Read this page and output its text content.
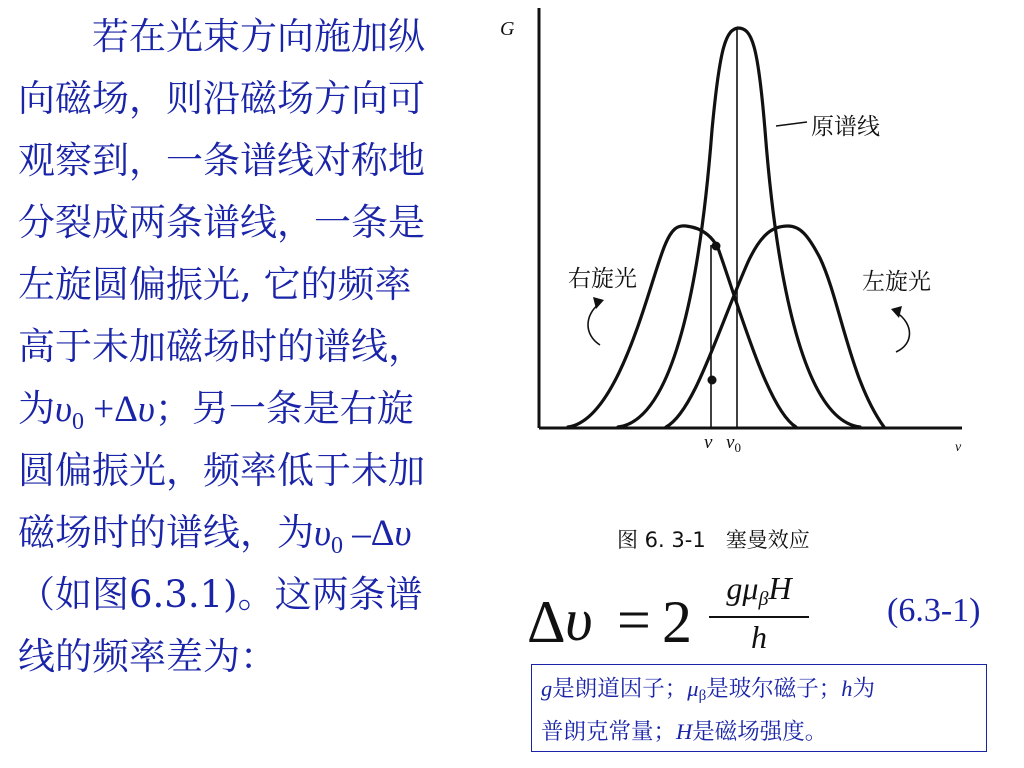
若在光束方向施加纵
向磁场，则沿磁场方向可
观察到，一条谱线对称地
分裂成两条谱线，一条是
左旋圆偏振光, 它的频率
高于未加磁场时的谱线，
为$\upsilon_0 +\Delta\upsilon$；另一条是右旋
圆偏振光，频率低于未加
磁场时的谱线，为$\upsilon_0$ –Δυ
（如图6.3.1)。这两条谱
线的频率差为：
G
v
原谱线
右旋光	左旋光
v $v_0$
图 6. 3-1   塞曼效应
Δ υ = 2
gμβH
h
(6.3-1)
g是朗道因子；μβ是玻尔磁子；h为
普朗克常量；H是磁场强度。
